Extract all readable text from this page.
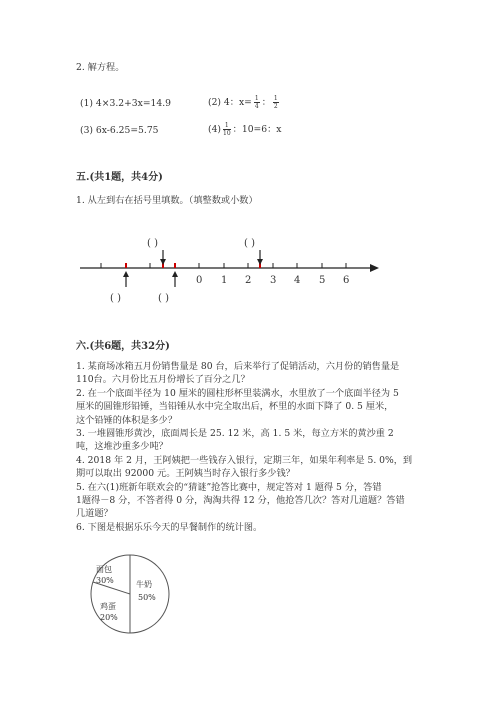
2. 解方程。
(1) 4×3.2+3x=14.9	(2) 4：$x= \frac{1}{4}$ ： $\frac{1}{2}$
(3) 6x-6.25=5.75	$(4) \frac{1}{10}$ ：10=6：x
五.(共1题，共4分)
1. 从左到右在括号里填数。（填整数或小数）
( )	( )
( )	( )
0 1 2 3 4 5 6
六.(共6题，共32分)
1. 某商场冰箱五月份销售量是 80 台，后来举行了促销活动，六月份的销售量是
110台。六月份比五月份增长了百分之几？
2. 在一个底面半径为 10 厘米的圆柱形杯里装满水，水里放了一个底面半径为 5
厘米的圆锥形铅锤，当铅锤从水中完全取出后，杯里的水面下降了 0. 5 厘米，
这个铅锤的体积是多少？
3. 一堆圆锥形黄沙，底面周长是 25. 12 米，高 1. 5 米，每立方米的黄沙重 2
吨，这堆沙重多少吨？
4. 2018 年 2 月，王阿姨把一些钱存入银行，定期三年，如果年利率是 5. 0%，到
期可以取出 92000 元。王阿姨当时存入银行多少钱？
5. 在六(1)班新年联欢会的“猜谜”抢答比赛中，规定答对 1 题得 5 分，答错
1题得－8 分，不答者得 0 分，淘淘共得 12 分，他抢答几次？答对几道题？答错
几道题？
6. 下图是根据乐乐今天的早餐制作的统计图。
牛奶
50%
面包
30%
鸡蛋
20%
